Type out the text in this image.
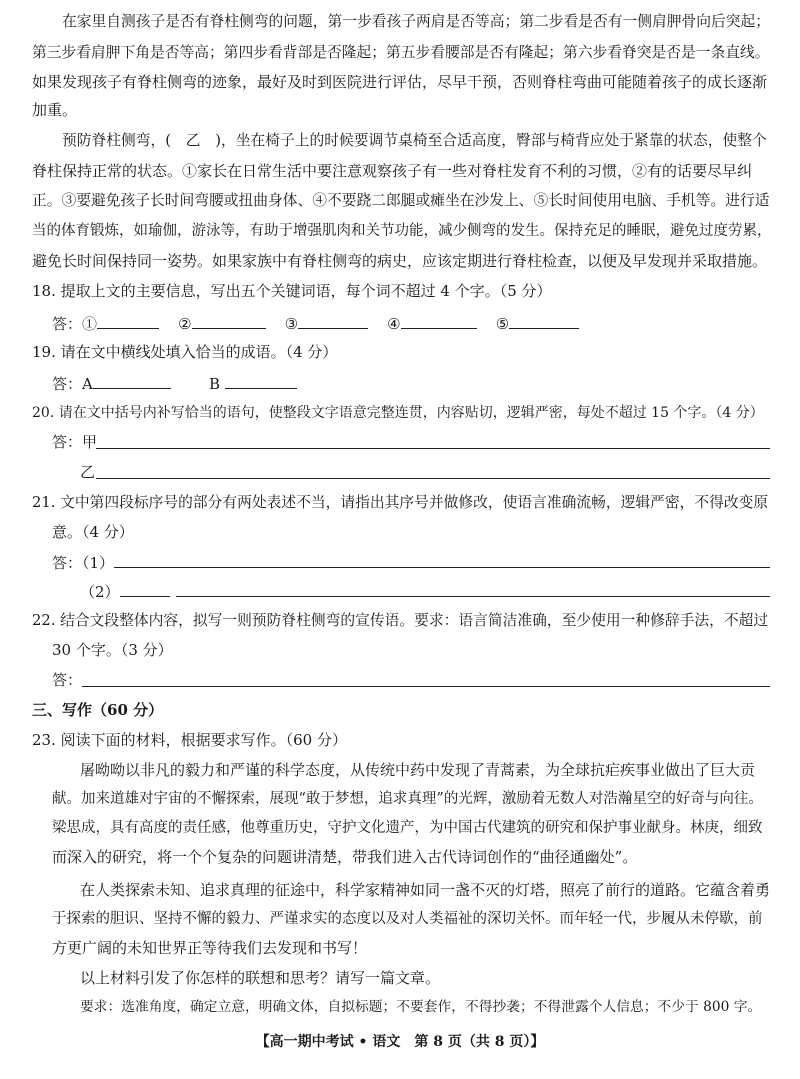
在家里自测孩子是否有脊柱侧弯的问题，第一步看孩子两肩是否等高；第二步看是否有一侧肩胛骨向后突起；
第三步看肩胛下角是否等高；第四步看背部是否隆起；第五步看腰部是否有隆起；第六步看脊突是否是一条直线。
如果发现孩子有脊柱侧弯的迹象，最好及时到医院进行评估，尽早干预，否则脊柱弯曲可能随着孩子的成长逐渐
加重。
预防脊柱侧弯，(　乙　)，坐在椅子上的时候要调节桌椅至合适高度，臀部与椅背应处于紧靠的状态，使整个
脊柱保持正常的状态。①家长在日常生活中要注意观察孩子有一些对脊柱发育不利的习惯，②有的话要尽早纠
正。③要避免孩子长时间弯腰或扭曲身体、④不要跷二郎腿或瘫坐在沙发上、⑤长时间使用电脑、手机等。进行适
当的体育锻炼，如瑜伽，游泳等，有助于增强肌肉和关节功能，减少侧弯的发生。保持充足的睡眠，避免过度劳累，
避免长时间保持同一姿势。如果家族中有脊柱侧弯的病史，应该定期进行脊柱检查，以便及早发现并采取措施。
18. 提取上文的主要信息，写出五个关键词语，每个词不超过 4 个字。（5 分）
答：①	②	③	④	⑤
19. 请在文中横线处填入恰当的成语。（4 分）
答：A	B
20. 请在文中括号内补写恰当的语句，使整段文字语意完整连贯，内容贴切，逻辑严密，每处不超过 15 个字。（4 分）
答：甲
乙
21. 文中第四段标序号的部分有两处表述不当，请指出其序号并做修改，使语言准确流畅，逻辑严密，不得改变原
意。（4 分）
答：（1）
（2）
22. 结合文段整体内容，拟写一则预防脊柱侧弯的宣传语。要求：语言简洁准确，至少使用一种修辞手法，不超过
30 个字。（3 分）
答：
三、写作（60 分）
23. 阅读下面的材料，根据要求写作。（60 分）
屠呦呦以非凡的毅力和严谨的科学态度，从传统中药中发现了青蒿素，为全球抗疟疾事业做出了巨大贡
献。加来道雄对宇宙的不懈探索，展现“敢于梦想，追求真理”的光辉，激励着无数人对浩瀚星空的好奇与向往。
梁思成，具有高度的责任感，他尊重历史，守护文化遗产，为中国古代建筑的研究和保护事业献身。林庚，细致
而深入的研究，将一个个复杂的问题讲清楚，带我们进入古代诗词创作的“曲径通幽处”。
在人类探索未知、追求真理的征途中，科学家精神如同一盏不灭的灯塔，照亮了前行的道路。它蕴含着勇
于探索的胆识、坚持不懈的毅力、严谨求实的态度以及对人类福祉的深切关怀。而年轻一代，步履从未停歇，前
方更广阔的未知世界正等待我们去发现和书写！
以上材料引发了你怎样的联想和思考？请写一篇文章。
要求：选准角度，确定立意，明确文体，自拟标题；不要套作，不得抄袭；不得泄露个人信息；不少于 800 字。
【高一期中考试 • 语文　第 8 页（共 8 页）】
